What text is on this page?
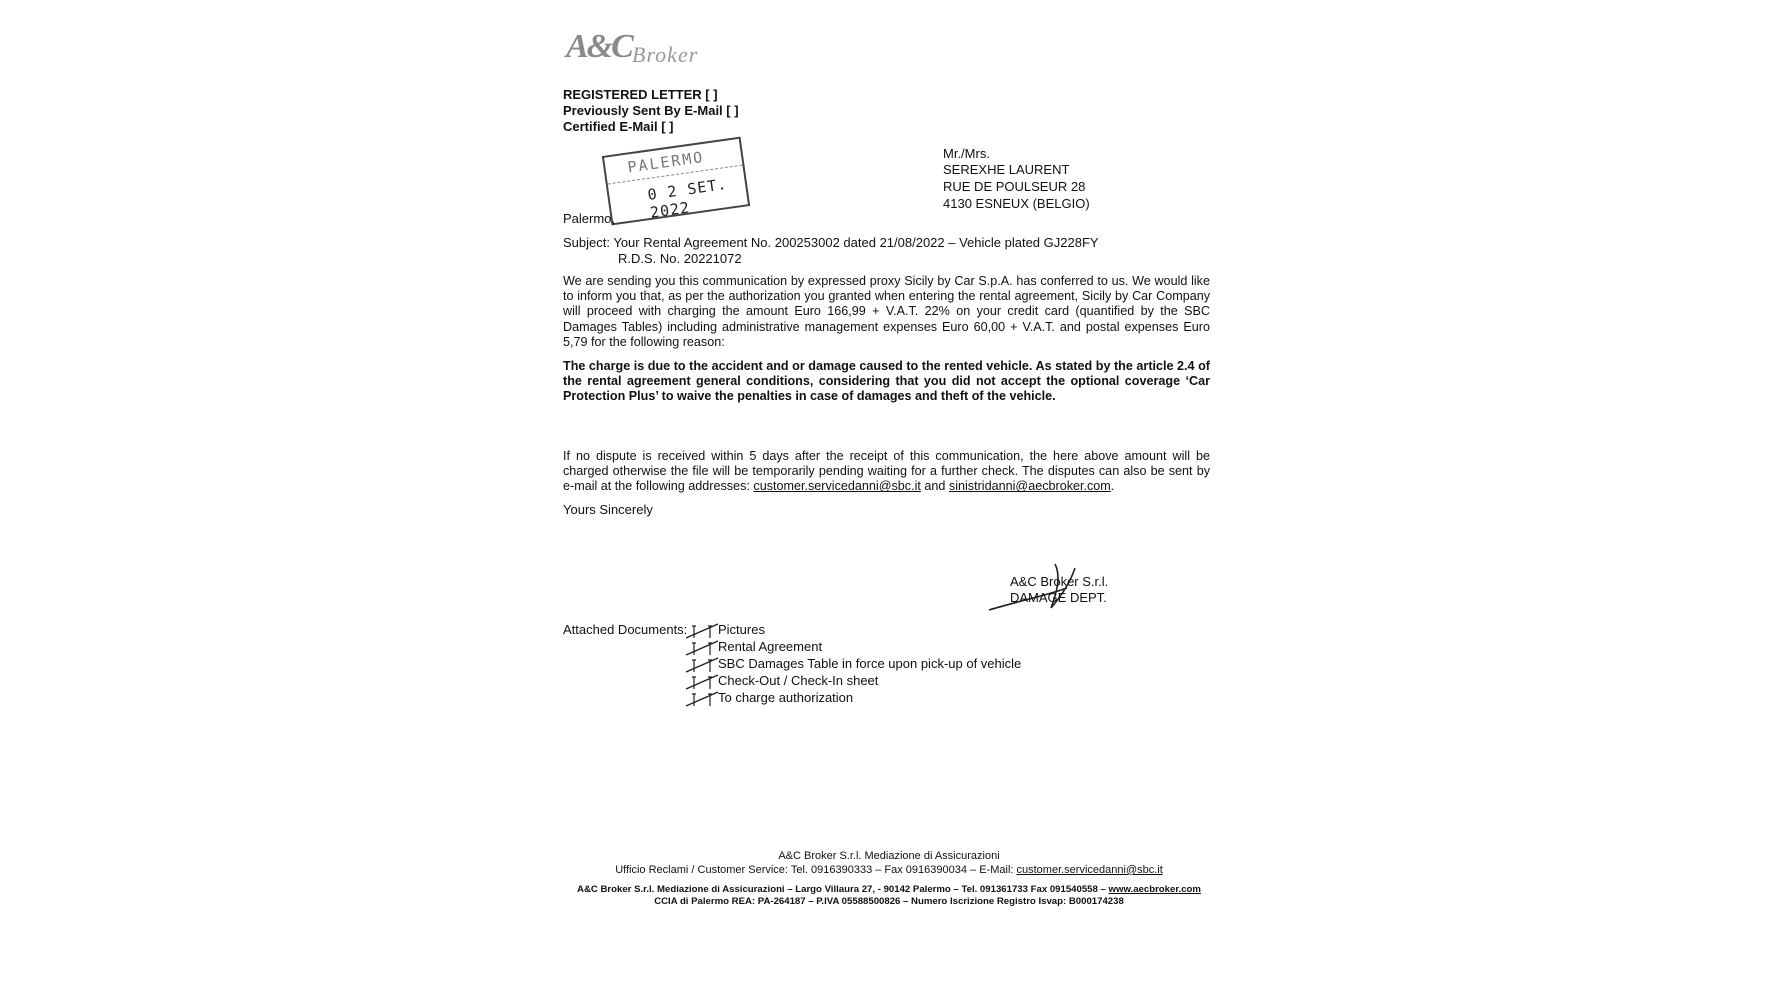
A&C Broker
REGISTERED LETTER [ ]
Previously Sent By E-Mail [ ]
Certified E-Mail [ ]
Mr./Mrs.
SEREXHE LAURENT
RUE DE POULSEUR 28
4130 ESNEUX (BELGIO)
PALERMO
0 2 SET. 2022
Palermo,
Subject: Your Rental Agreement No. 200253002 dated 21/08/2022 – Vehicle plated GJ228FY
R.D.S. No. 20221072
We are sending you this communication by expressed proxy Sicily by Car S.p.A. has conferred to us. We would like to inform you that, as per the authorization you granted when entering the rental agreement, Sicily by Car Company will proceed with charging the amount Euro 166,99 + V.A.T. 22% on your credit card (quantified by the SBC Damages Tables) including administrative management expenses Euro 60,00 + V.A.T. and postal expenses Euro 5,79 for the following reason:
The charge is due to the accident and or damage caused to the rented vehicle. As stated by the article 2.4 of the rental agreement general conditions, considering that you did not accept the optional coverage ‘Car Protection Plus’ to waive the penalties in case of damages and theft of the vehicle.
If no dispute is received within 5 days after the receipt of this communication, the here above amount will be charged otherwise the file will be temporarily pending waiting for a further check. The disputes can also be sent by e-mail at the following addresses: customer.servicedanni@sbc.it and sinistridanni@aecbroker.com.
Yours Sincerely
A&C Broker S.r.l.
DAMAGE DEPT.
Attached Documents: Pictures
Rental Agreement
SBC Damages Table in force upon pick-up of vehicle
Check-Out / Check-In sheet
To charge authorization
A&C Broker S.r.l. Mediazione di Assicurazioni
Ufficio Reclami / Customer Service: Tel. 0916390333 – Fax 0916390034 – E-Mail: customer.servicedanni@sbc.it
A&C Broker S.r.l. Mediazione di Assicurazioni – Largo Villaura 27, - 90142 Palermo – Tel. 091361733 Fax 091540558 – www.aecbroker.com
CCIA di Palermo REA: PA-264187 – P.IVA 05588500826 – Numero Iscrizione Registro Isvap: B000174238
